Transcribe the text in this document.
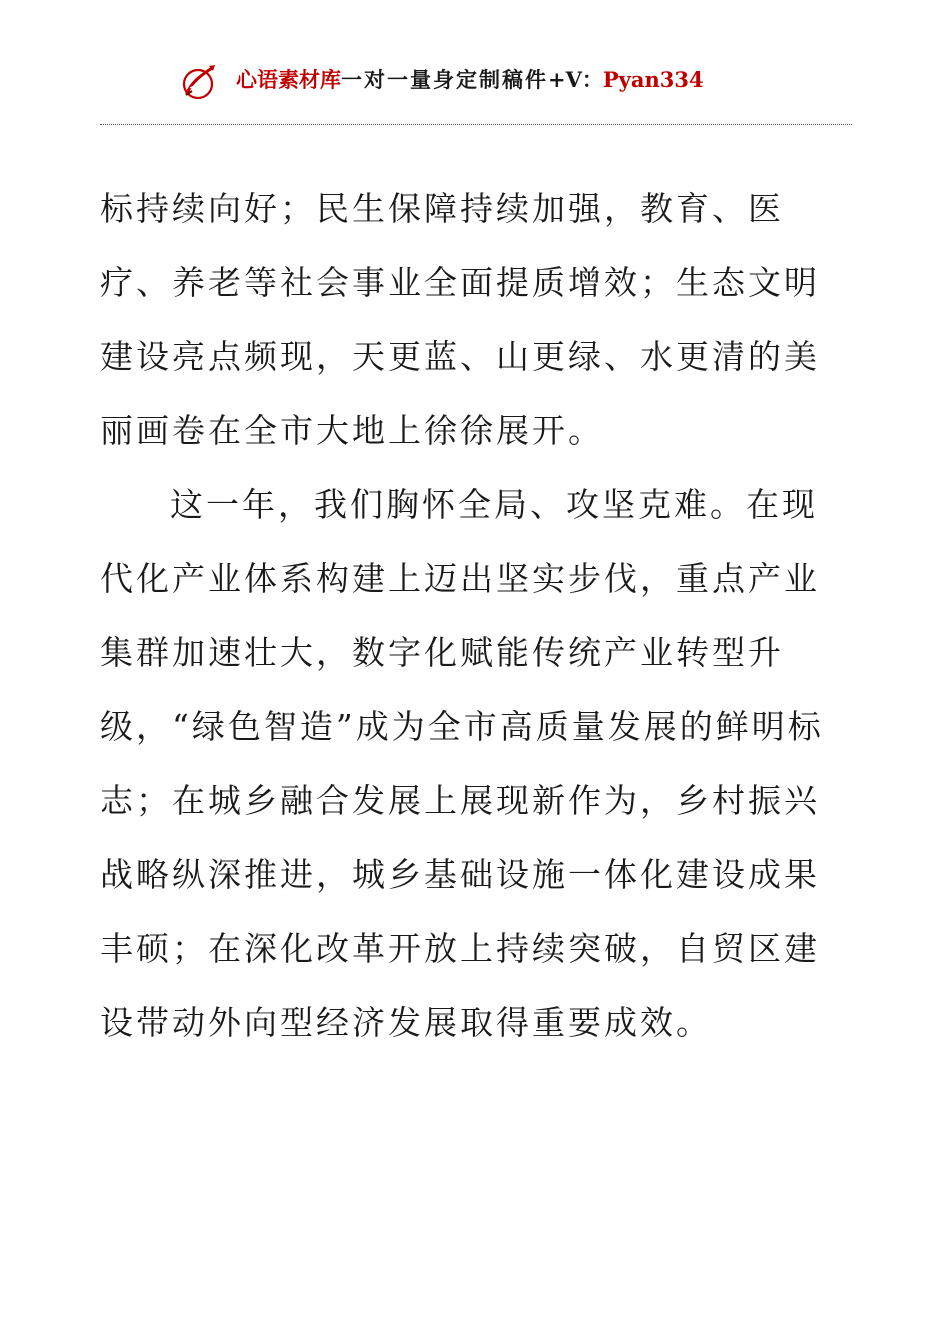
心语素材库一对一量身定制稿件+V：Pyan334

标持续向好；民生保障持续加强，教育、医疗、养老等社会事业全面提质增效；生态文明建设亮点频现，天更蓝、山更绿、水更清的美丽画卷在全市大地上徐徐展开。

这一年，我们胸怀全局、攻坚克难。在现代化产业体系构建上迈出坚实步伐，重点产业集群加速壮大，数字化赋能传统产业转型升级，“绿色智造”成为全市高质量发展的鲜明标志；在城乡融合发展上展现新作为，乡村振兴战略纵深推进，城乡基础设施一体化建设成果丰硕；在深化改革开放上持续突破，自贸区建设带动外向型经济发展取得重要成效。
